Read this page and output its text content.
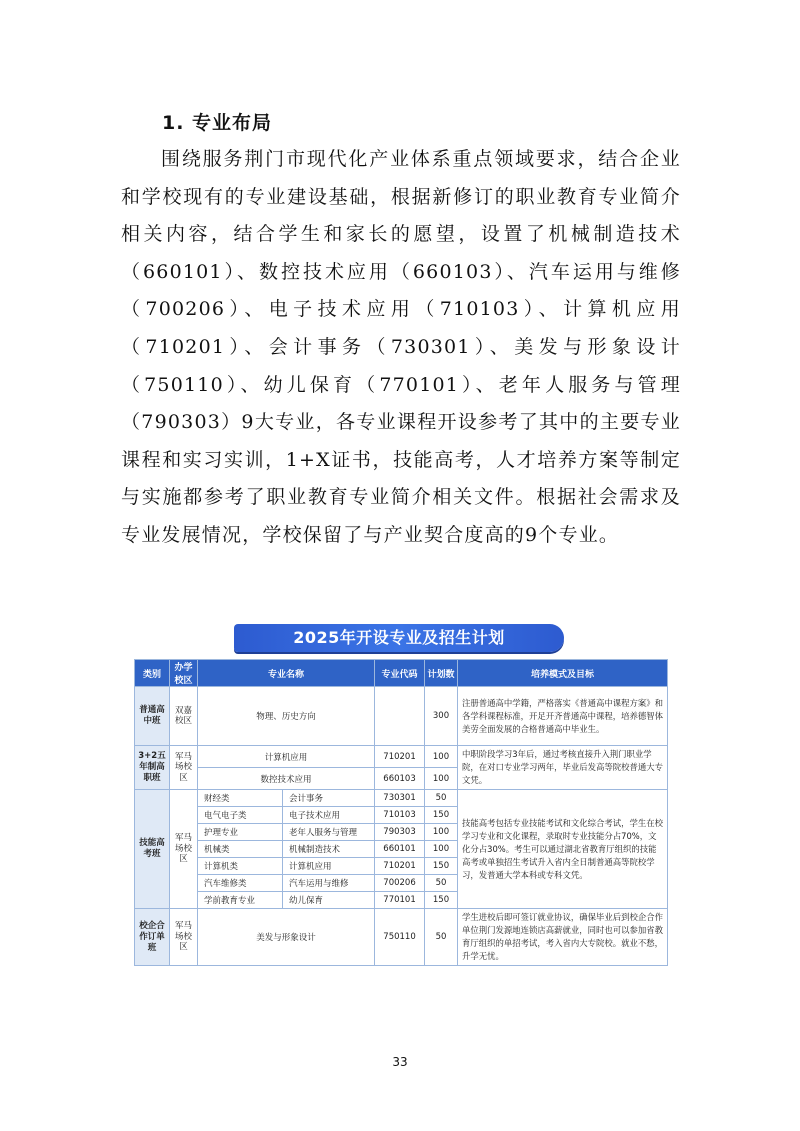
1. 专业布局
围绕服务荆门市现代化产业体系重点领域要求，结合企业和学校现有的专业建设基础，根据新修订的职业教育专业简介相关内容，结合学生和家长的愿望，设置了机械制造技术（660101）、数控技术应用（660103）、汽车运用与维修（700206）、电子技术应用（710103）、计算机应用（710201）、会计事务（730301）、美发与形象设计（750110）、幼儿保育（770101）、老年人服务与管理（790303）9大专业，各专业课程开设参考了其中的主要专业课程和实习实训，1+X证书，技能高考，人才培养方案等制定与实施都参考了职业教育专业简介相关文件。根据社会需求及专业发展情况，学校保留了与产业契合度高的9个专业。
2025年开设专业及招生计划
类别	办学校区	专业名称		专业代码	计划数	培养模式及目标
普通高中班	双嘉校区	物理、历史方向			300	注册普通高中学籍，严格落实《普通高中课程方案》和各学科课程标准，开足开齐普通高中课程，培养德智体美劳全面发展的合格普通高中毕业生。
3+2五年制高职班	军马场校区	计算机应用		710201	100	中职阶段学习3年后，通过考核直接升入荆门职业学院，在对口专业学习两年，毕业后发高等院校普通大专文凭。
		数控技术应用		660103	100	
技能高考班	军马场校区	财经类	会计事务	730301	50	技能高考包括专业技能考试和文化综合考试，学生在校学习专业和文化课程，录取时专业技能分占70%，文化分占30%。考生可以通过湖北省教育厅组织的技能高考或单独招生考试升入省内全日制普通高等院校学习，发普通大学本科或专科文凭。
		电气电子类	电子技术应用	710103	150	
		护理专业	老年人服务与管理	790303	100	
		机械类	机械制造技术	660101	100	
		计算机类	计算机应用	710201	150	
		汽车维修类	汽车运用与维修	700206	50	
		学前教育专业	幼儿保育	770101	150	
校企合作订单班	军马场校区	美发与形象设计		750110	50	学生进校后即可签订就业协议，确保毕业后到校企合作单位荆门发源地连锁店高薪就业，同时也可以参加省教育厅组织的单招考试，考入省内大专院校。就业不愁，升学无忧。
33
